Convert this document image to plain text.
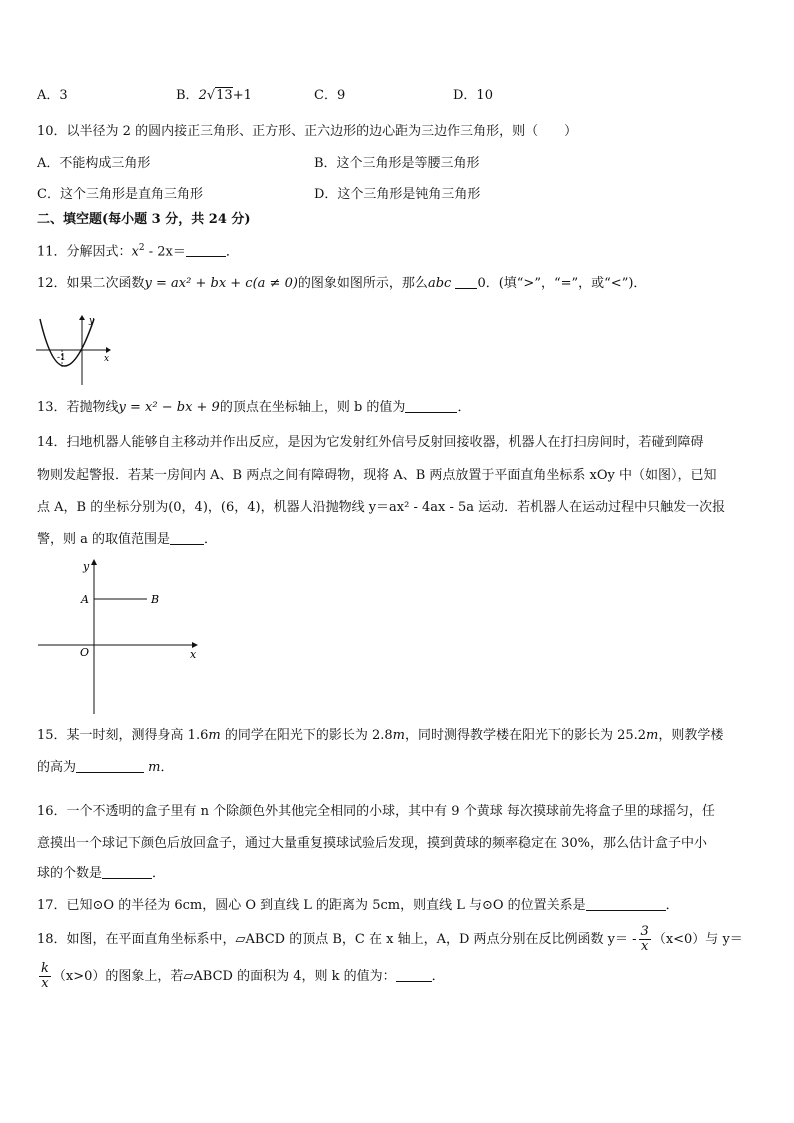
A．3	B．2√13+1	C．9	D．10
10．以半径为 2 的圆内接正三角形、正方形、正六边形的边心距为三边作三角形，则（　　）
A．不能构成三角形	B．这个三角形是等腰三角形
C．这个三角形是直角三角形	D．这个三角形是钝角三角形
二、填空题(每小题 3 分，共 24 分)
11．分解因式：$x^2 - 2x=$	．
12．如果二次函数y = ax² + bx + c(a ≠ 0)的图象如图所示，那么abc 0．(填“>”，“=”，或“<”)．
y
x
-1
13．若抛物线y = x² − bx + 9的顶点在坐标轴上，则 b 的值为	．
14．扫地机器人能够自主移动并作出反应，是因为它发射红外信号反射回接收器，机器人在打扫房间时，若碰到障碍
物则发起警报．若某一房间内 A、B 两点之间有障碍物，现将 A、B 两点放置于平面直角坐标系 xOy 中（如图），已知
点 A，B 的坐标分别为(0，4)，(6，4)，机器人沿抛物线 y＝ax² - 4ax - 5a 运动．若机器人在运动过程中只触发一次报
警，则 a 的取值范围是	．
y
x
A	B
O
15．某一时刻，测得身高 1.6m 的同学在阳光下的影长为 2.8m，同时测得教学楼在阳光下的影长为 25.2m，则教学楼
的高为	m．
16．一个不透明的盒子里有 n 个除颜色外其他完全相同的小球，其中有 9 个黄球 每次摸球前先将盒子里的球摇匀，任
意摸出一个球记下颜色后放回盒子，通过大量重复摸球试验后发现，摸到黄球的频率稳定在 30%，那么估计盒子中小
球的个数是	．
17．已知⊙O 的半径为 6cm，圆心 O 到直线 L 的距离为 5cm，则直线 L 与⊙O 的位置关系是	．
18．如图，在平面直角坐标系中，▱ABCD 的顶点 B，C 在 x 轴上，A，D 两点分别在反比例函数 $y= - \frac{3}{x} (x<0)$与 y＝
$\frac{k}{x} (x>0)$的图象上，若▱ABCD 的面积为 4，则 k 的值为：	．
